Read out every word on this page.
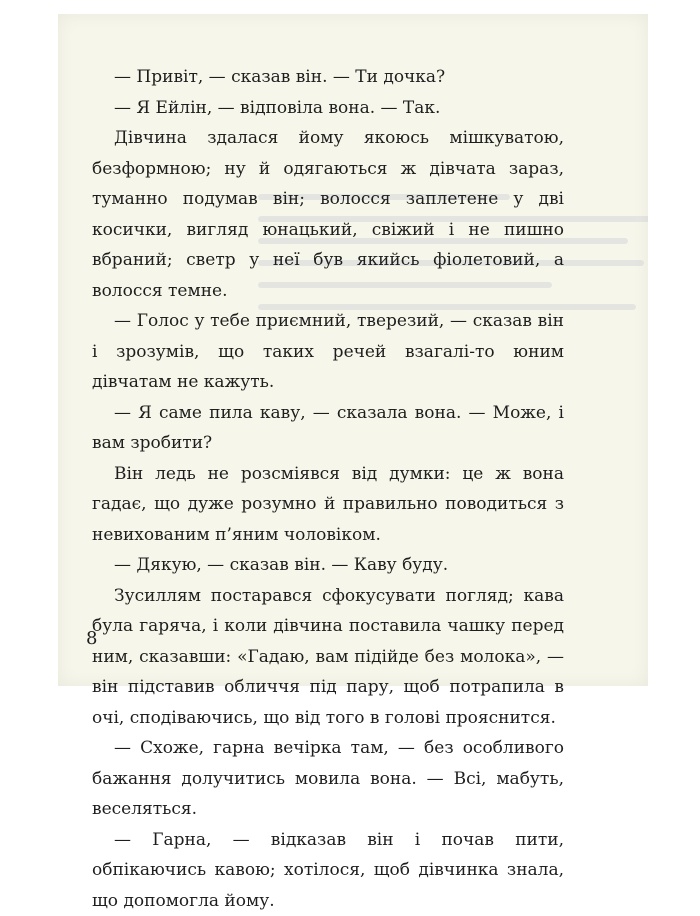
— Привіт, — сказав він. — Ти дочка?

— Я Ейлін, — відповіла вона. — Так.

Дівчина здалася йому якоюсь мішкуватою, безформною; ну й одягаються ж дівчата зараз, туманно подумав він; волосся заплетене у дві косички, вигляд юнацький, свіжий і не пишно вбраний; светр у неї був якийсь фіолетовий, а волосся темне.

— Голос у тебе приємний, тверезий, — сказав він і зрозумів, що таких речей взагалі-то юним дівчатам не кажуть.

— Я саме пила каву, — сказала вона. — Може, і вам зробити?

Він ледь не розсміявся від думки: це ж вона гадає, що дуже розумно й правильно поводиться з невихованим п’яним чоловіком.

— Дякую, — сказав він. — Каву буду.

Зусиллям постарався сфокусувати погляд; кава була гаряча, і коли дівчина поставила чашку перед ним, сказавши: «Гадаю, вам підійде без молока», — він підставив обличчя під пару, щоб потрапила в очі, сподіваючись, що від того в голові прояснится.

— Схоже, гарна вечірка там, — без особливого бажання долучитись мовила вона. — Всі, мабуть, веселяться.

— Гарна, — відказав він і почав пити, обпікаючись кавою; хотілося, щоб дівчинка знала, що допомогла йому.

8
